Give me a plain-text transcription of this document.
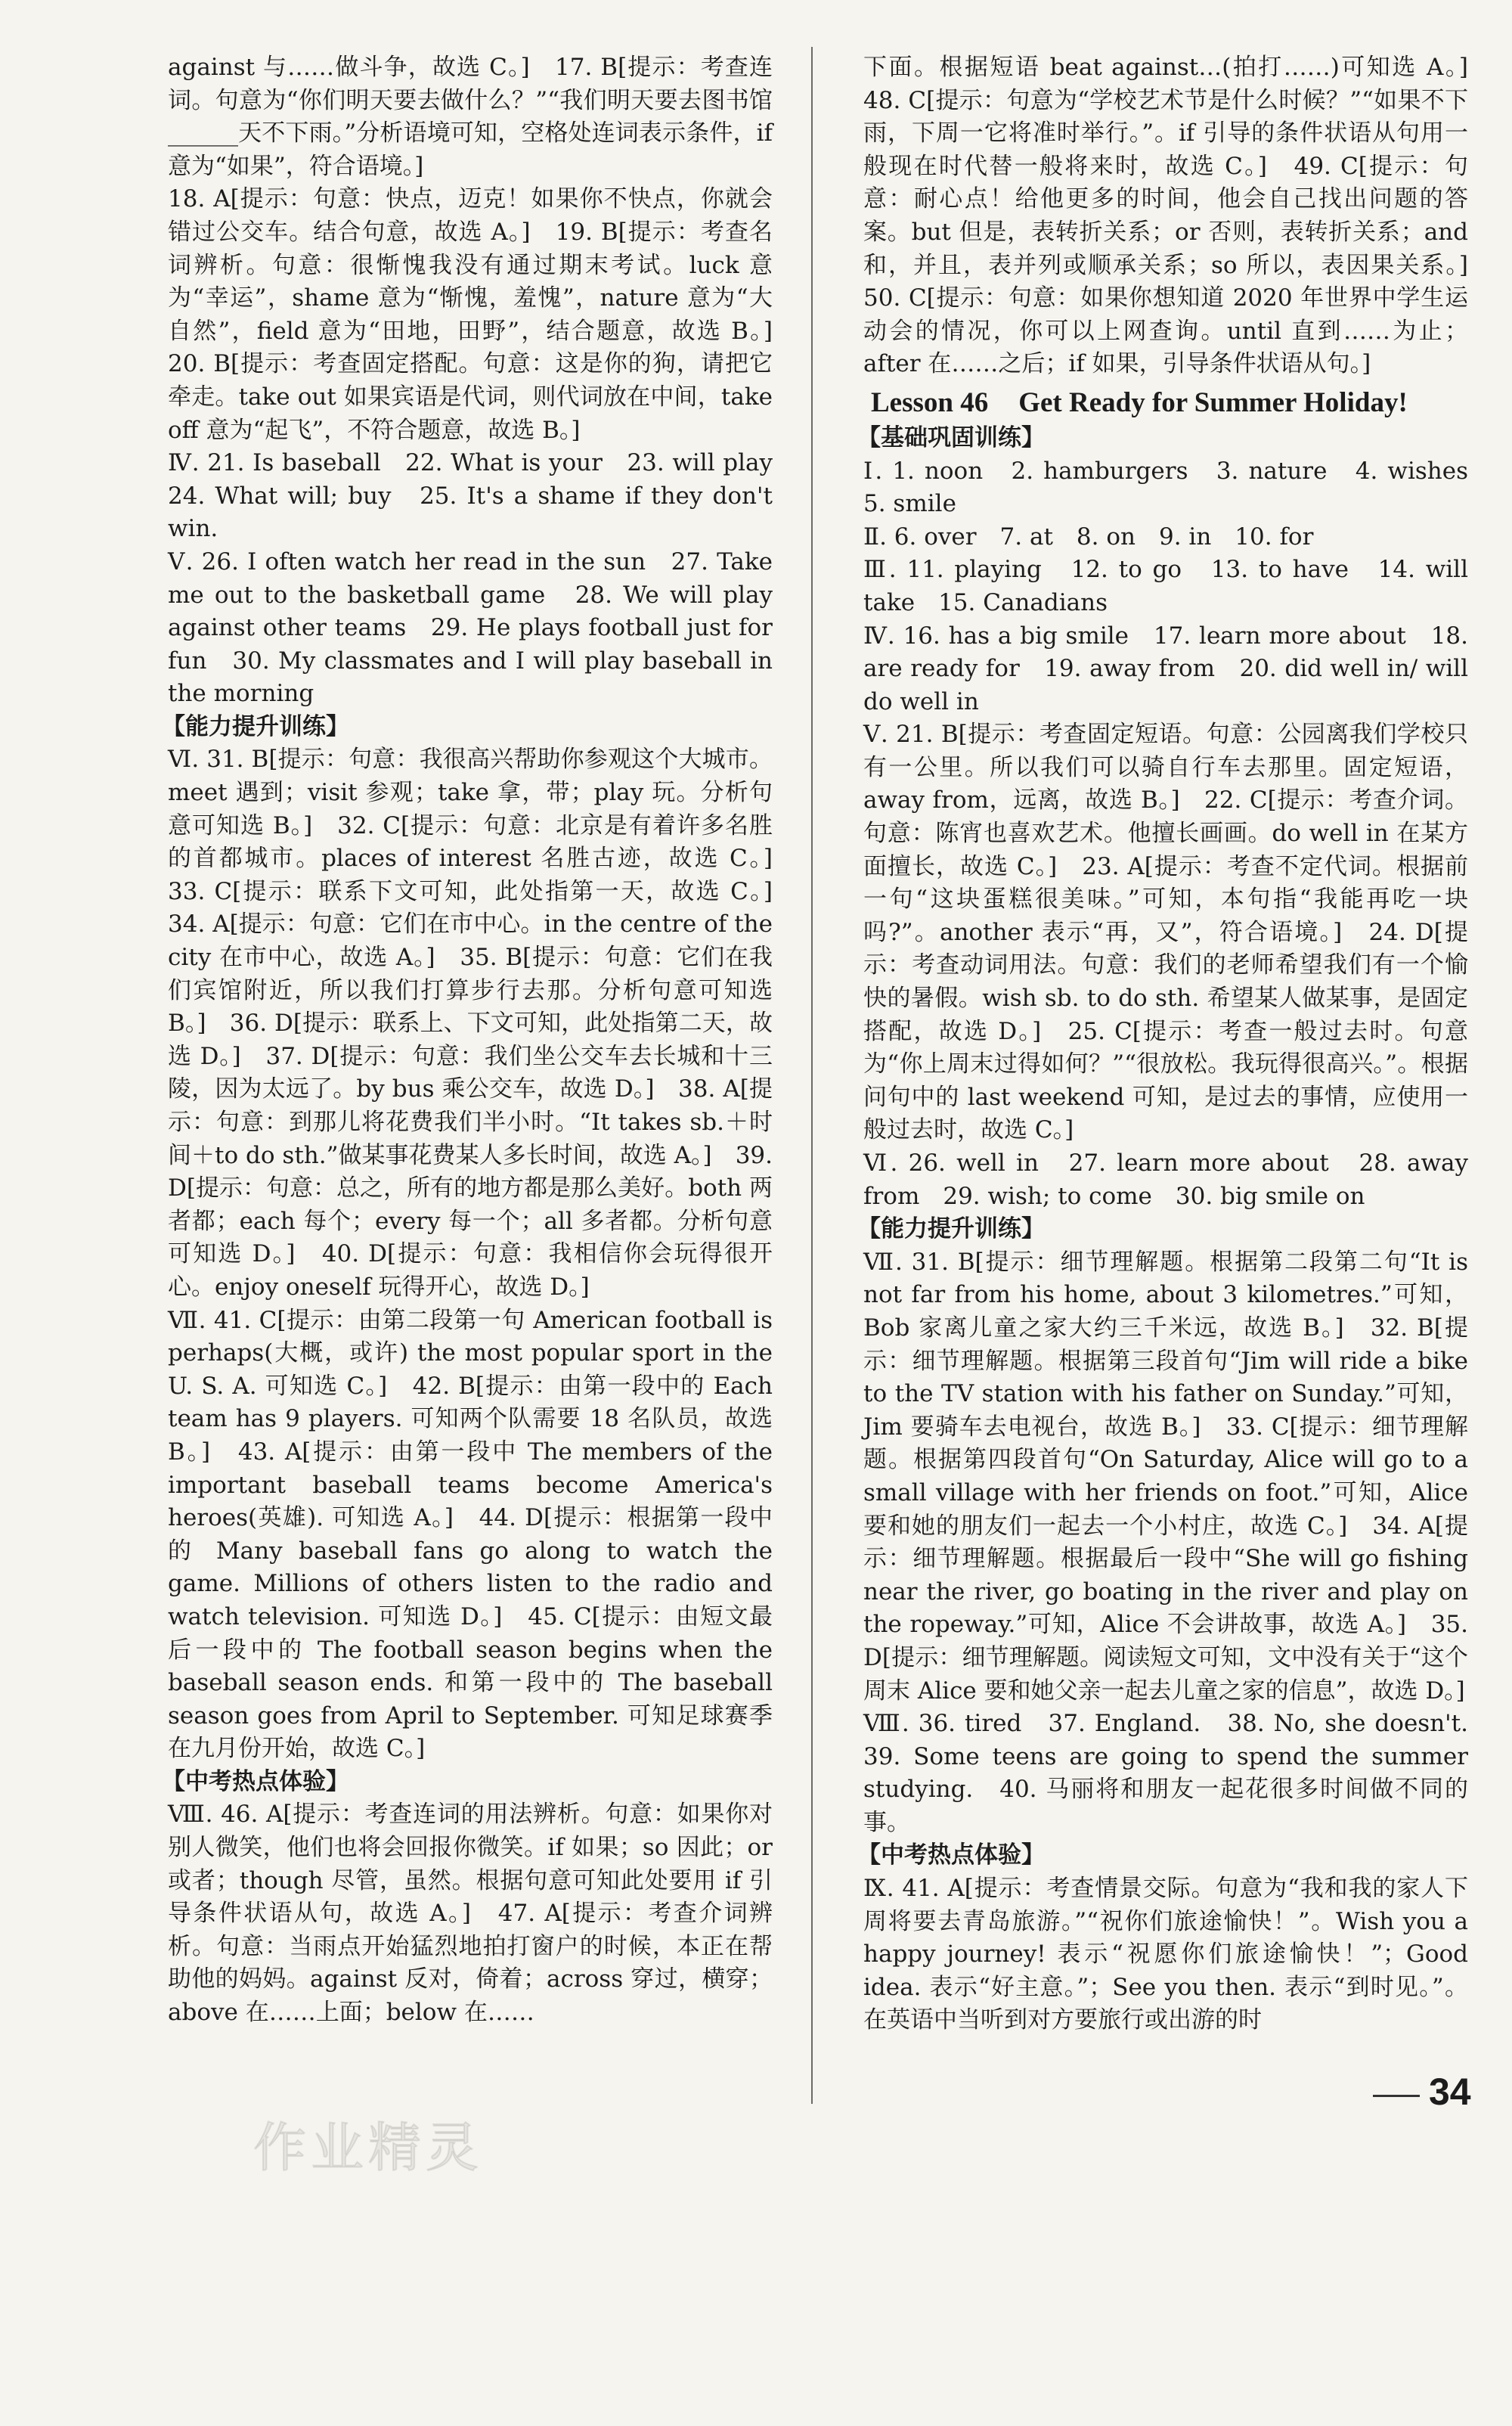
against 与……做斗争，故选 C。]　17. B[提示：考查连词。句意为“你们明天要去做什么？”“我们明天要去图书馆______天不下雨。”分析语境可知，空格处连词表示条件，if 意为“如果”，符合语境。]

18. A[提示：句意：快点，迈克！如果你不快点，你就会错过公交车。结合句意，故选 A。]　19. B[提示：考查名词辨析。句意：很惭愧我没有通过期末考试。luck 意为“幸运”，shame 意为“惭愧，羞愧”，nature 意为“大自然”，field 意为“田地，田野”，结合题意，故选 B。]　20. B[提示：考查固定搭配。句意：这是你的狗，请把它牵走。take out 如果宾语是代词，则代词放在中间，take off 意为“起飞”，不符合题意，故选 B。]

Ⅳ. 21. Is baseball　22. What is your　23. will play　24. What will; buy　25. It's a shame if they don't win.

Ⅴ. 26. I often watch her read in the sun　27. Take me out to the basketball game　28. We will play against other teams　29. He plays football just for fun　30. My classmates and I will play baseball in the morning

【能力提升训练】

Ⅵ. 31. B[提示：句意：我很高兴帮助你参观这个大城市。meet 遇到；visit 参观；take 拿，带；play 玩。分析句意可知选 B。]　32. C[提示：句意：北京是有着许多名胜的首都城市。places of interest 名胜古迹，故选 C。]　33. C[提示：联系下文可知，此处指第一天，故选 C。]　34. A[提示：句意：它们在市中心。in the centre of the city 在市中心，故选 A。]　35. B[提示：句意：它们在我们宾馆附近，所以我们打算步行去那。分析句意可知选 B。]　36. D[提示：联系上、下文可知，此处指第二天，故选 D。]　37. D[提示：句意：我们坐公交车去长城和十三陵，因为太远了。by bus 乘公交车，故选 D。]　38. A[提示：句意：到那儿将花费我们半小时。“It takes sb.＋时间＋to do sth.”做某事花费某人多长时间，故选 A。]　39. D[提示：句意：总之，所有的地方都是那么美好。both 两者都；each 每个；every 每一个；all 多者都。分析句意可知选 D。]　40. D[提示：句意：我相信你会玩得很开心。enjoy oneself 玩得开心，故选 D。]

Ⅶ. 41. C[提示：由第二段第一句 American football is perhaps(大概，或许) the most popular sport in the U. S. A. 可知选 C。]　42. B[提示：由第一段中的 Each team has 9 players. 可知两个队需要 18 名队员，故选 B。]　43. A[提示：由第一段中 The members of the important baseball teams become America's heroes(英雄). 可知选 A。]　44. D[提示：根据第一段中的 Many baseball fans go along to watch the game. Millions of others listen to the radio and watch television. 可知选 D。]　45. C[提示：由短文最后一段中的 The football season begins when the baseball season ends. 和第一段中的 The baseball season goes from April to September. 可知足球赛季在九月份开始，故选 C。]

【中考热点体验】

Ⅷ. 46. A[提示：考查连词的用法辨析。句意：如果你对别人微笑，他们也将会回报你微笑。if 如果；so 因此；or 或者；though 尽管，虽然。根据句意可知此处要用 if 引导条件状语从句，故选 A。]　47. A[提示：考查介词辨析。句意：当雨点开始猛烈地拍打窗户的时候，本正在帮助他的妈妈。against 反对，倚着；across 穿过，横穿；above 在……上面；below 在……

下面。根据短语 beat against…(拍打……)可知选 A。]　48. C[提示：句意为“学校艺术节是什么时候？”“如果不下雨，下周一它将准时举行。”。if 引导的条件状语从句用一般现在时代替一般将来时，故选 C。]　49. C[提示：句意：耐心点！给他更多的时间，他会自己找出问题的答案。but 但是，表转折关系；or 否则，表转折关系；and 和，并且，表并列或顺承关系；so 所以，表因果关系。]　50. C[提示：句意：如果你想知道 2020 年世界中学生运动会的情况，你可以上网查询。until 直到……为止；after 在……之后；if 如果，引导条件状语从句。]

Lesson 46 Get Ready for Summer Holiday!

【基础巩固训练】

Ⅰ. 1. noon　2. hamburgers　3. nature　4. wishes　5. smile

Ⅱ. 6. over　7. at　8. on　9. in　10. for

Ⅲ. 11. playing　12. to go　13. to have　14. will take　15. Canadians

Ⅳ. 16. has a big smile　17. learn more about　18. are ready for　19. away from　20. did well in/ will do well in

Ⅴ. 21. B[提示：考查固定短语。句意：公园离我们学校只有一公里。所以我们可以骑自行车去那里。固定短语，away from，远离，故选 B。]　22. C[提示：考查介词。句意：陈宵也喜欢艺术。他擅长画画。do well in 在某方面擅长，故选 C。]　23. A[提示：考查不定代词。根据前一句“这块蛋糕很美味。”可知，本句指“我能再吃一块吗?”。another 表示“再，又”，符合语境。]　24. D[提示：考查动词用法。句意：我们的老师希望我们有一个愉快的暑假。wish sb. to do sth. 希望某人做某事，是固定搭配，故选 D。]　25. C[提示：考查一般过去时。句意为“你上周末过得如何？”“很放松。我玩得很高兴。”。根据问句中的 last weekend 可知，是过去的事情，应使用一般过去时，故选 C。]

Ⅵ. 26. well in　27. learn more about　28. away from　29. wish; to come　30. big smile on

【能力提升训练】

Ⅶ. 31. B[提示：细节理解题。根据第二段第二句“It is not far from his home, about 3 kilometres.”可知，Bob 家离儿童之家大约三千米远，故选 B。]　32. B[提示：细节理解题。根据第三段首句“Jim will ride a bike to the TV station with his father on Sunday.”可知，Jim 要骑车去电视台，故选 B。]　33. C[提示：细节理解题。根据第四段首句“On Saturday, Alice will go to a small village with her friends on foot.”可知，Alice 要和她的朋友们一起去一个小村庄，故选 C。]　34. A[提示：细节理解题。根据最后一段中“She will go fishing near the river, go boating in the river and play on the ropeway.”可知，Alice 不会讲故事，故选 A。]　35. D[提示：细节理解题。阅读短文可知，文中没有关于“这个周末 Alice 要和她父亲一起去儿童之家的信息”，故选 D。]

Ⅷ. 36. tired　37. England.　38. No, she doesn't.　39. Some teens are going to spend the summer studying.　40. 马丽将和朋友一起花很多时间做不同的事。

【中考热点体验】

Ⅸ. 41. A[提示：考查情景交际。句意为“我和我的家人下周将要去青岛旅游。”“祝你们旅途愉快！”。Wish you a happy journey! 表示“祝愿你们旅途愉快！”；Good idea. 表示“好主意。”；See you then. 表示“到时见。”。在英语中当听到对方要旅行或出游的时

34
作业精灵
